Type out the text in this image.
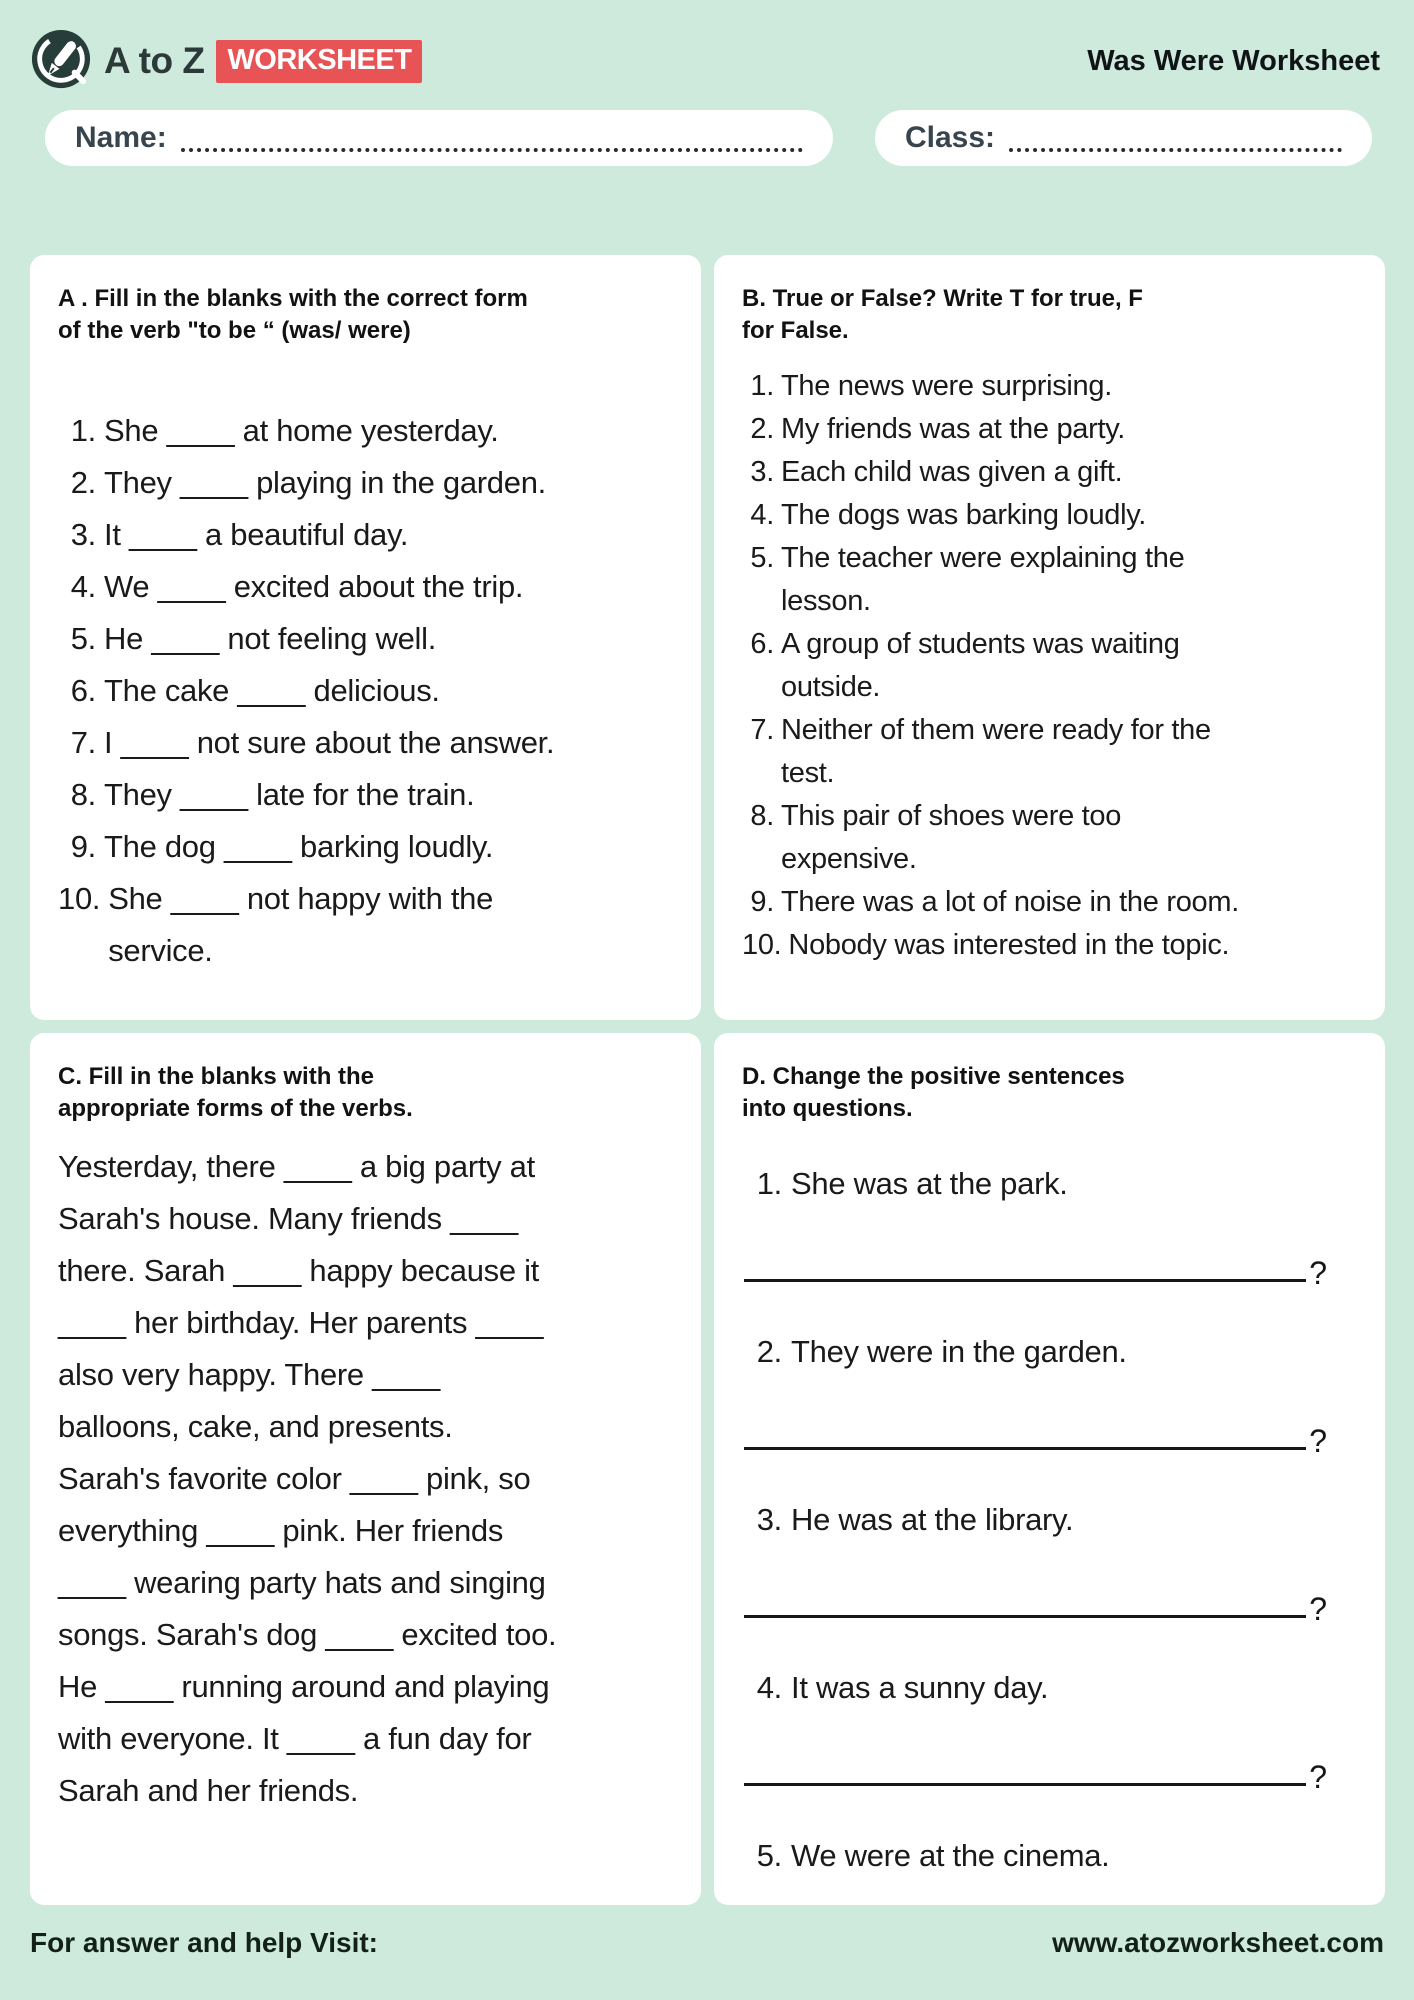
A to Z WORKSHEET	Was Were Worksheet
Name:	Class:
A . Fill in the blanks with the correct form
of the verb "to be “ (was/ were)
1. She ____ at home yesterday.
2. They ____ playing in the garden.
3. It ____ a beautiful day.
4. We ____ excited about the trip.
5. He ____ not feeling well.
6. The cake ____ delicious.
7. I ____ not sure about the answer.
8. They ____ late for the train.
9. The dog ____ barking loudly.
10. She ____ not happy with the service.
B. True or False? Write T for true, F
for False.
1. The news were surprising.
2. My friends was at the party.
3. Each child was given a gift.
4. The dogs was barking loudly.
5. The teacher were explaining the lesson.
6. A group of students was waiting outside.
7. Neither of them were ready for the test.
8. This pair of shoes were too expensive.
9. There was a lot of noise in the room.
10. Nobody was interested in the topic.
C. Fill in the blanks with the
appropriate forms of the verbs.

Yesterday, there ____ a big party at Sarah's house. Many friends ____ there. Sarah ____ happy because it ____ her birthday. Her parents ____ also very happy. There ____ balloons, cake, and presents. Sarah's favorite color ____ pink, so everything ____ pink. Her friends ____ wearing party hats and singing songs. Sarah's dog ____ excited too. He ____ running around and playing with everyone. It ____ a fun day for Sarah and her friends.

D. Change the positive sentences
into questions.
1. She was at the park.
?
2. They were in the garden.
?
3. He was at the library.
?
4. It was a sunny day.
?
5. We were at the cinema.
For answer and help Visit:	www.atozworksheet.com
